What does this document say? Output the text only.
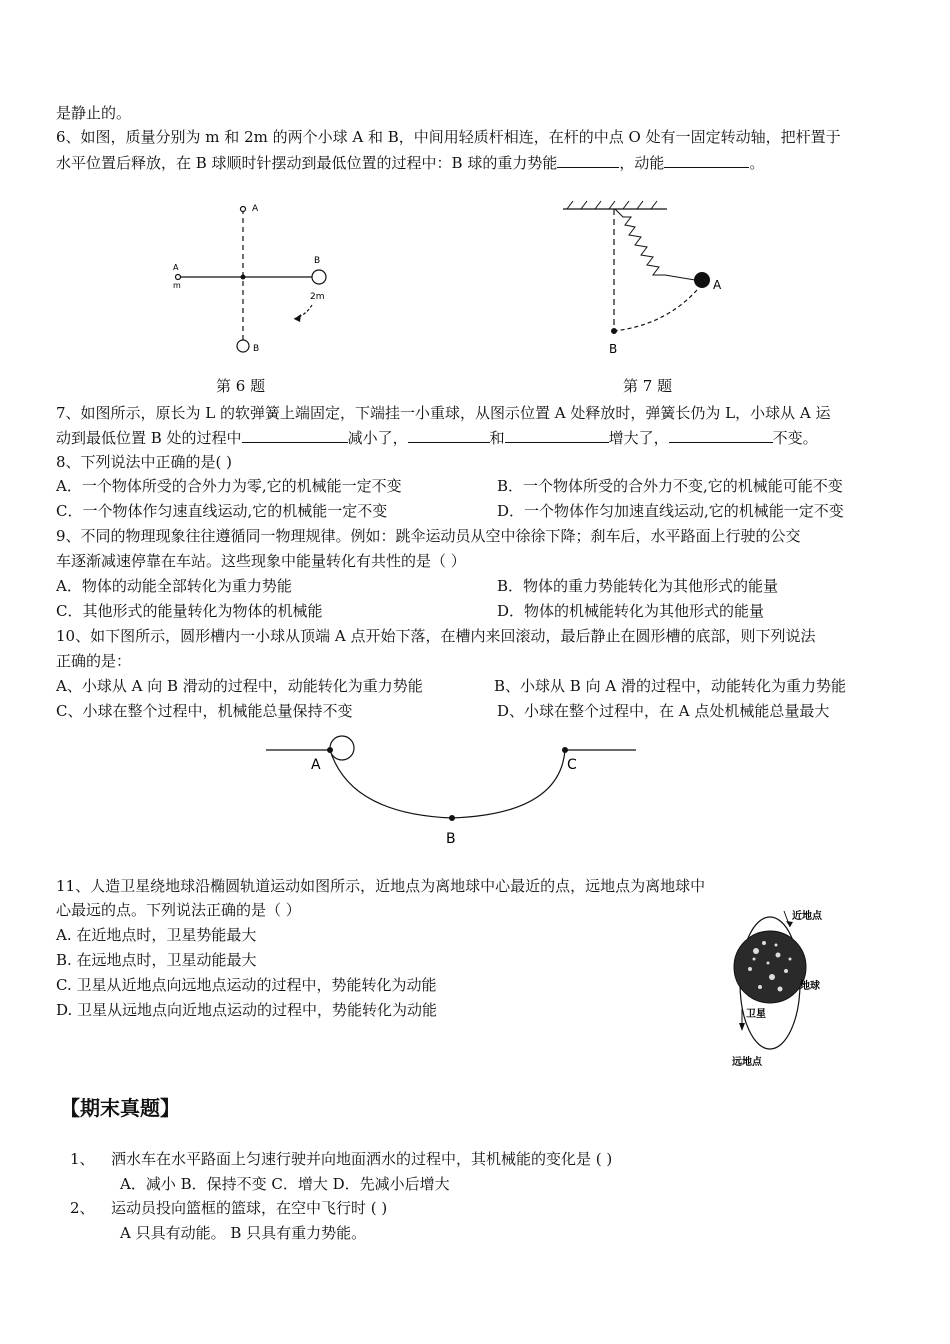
是静止的。
6、如图，质量分别为 m 和 2m 的两个小球 A 和 B，中间用轻质杆相连，在杆的中点 O 处有一固定转动轴，把杆置于
水平位置后释放，在 B 球顺时针摆动到最低位置的过程中：B 球的重力势能	，动能	。
A
A
m
B
2m
B
A
B
第 6 题	第 7 题
7、如图所示，原长为 L 的软弹簧上端固定，下端挂一小重球，从图示位置 A 处释放时，弹簧长仍为 L，小球从 A 运
动到最低位置 B 处的过程中	减小了，	和	增大了，	不变。
8、下列说法中正确的是( )
A．一个物体所受的合外力为零,它的机械能一定不变	B．一个物体所受的合外力不变,它的机械能可能不变
C．一个物体作匀速直线运动,它的机械能一定不变	D．一个物体作匀加速直线运动,它的机械能一定不变
9、不同的物理现象往往遵循同一物理规律。例如：跳伞运动员从空中徐徐下降；刹车后，水平路面上行驶的公交
车逐渐减速停靠在车站。这些现象中能量转化有共性的是（ ）
A．物体的动能全部转化为重力势能	B．物体的重力势能转化为其他形式的能量
C．其他形式的能量转化为物体的机械能	D．物体的机械能转化为其他形式的能量
10、如下图所示，圆形槽内一小球从顶端 A 点开始下落，在槽内来回滚动，最后静止在圆形槽的底部，则下列说法
正确的是：
A、小球从 A 向 B 滑动的过程中，动能转化为重力势能	B、小球从 B 向 A 滑的过程中，动能转化为重力势能
C、小球在整个过程中，机械能总量保持不变	D、小球在整个过程中，在 A 点处机械能总量最大
A	C
B
11、人造卫星绕地球沿椭圆轨道运动如图所示，近地点为离地球中心最近的点，远地点为离地球中
心最远的点。下列说法正确的是（ ）
A. 在近地点时，卫星势能最大
B. 在远地点时，卫星动能最大
C. 卫星从近地点向远地点运动的过程中，势能转化为动能
D. 卫星从远地点向近地点运动的过程中，势能转化为动能
近地点
地球
卫星
远地点
【期末真题】
1、 洒水车在水平路面上匀速行驶并向地面洒水的过程中，其机械能的变化是 ( )
A．减小 B．保持不变 C．增大 D．先减小后增大
2、 运动员投向篮框的篮球，在空中飞行时 ( )
A 只具有动能。 B 只具有重力势能。
